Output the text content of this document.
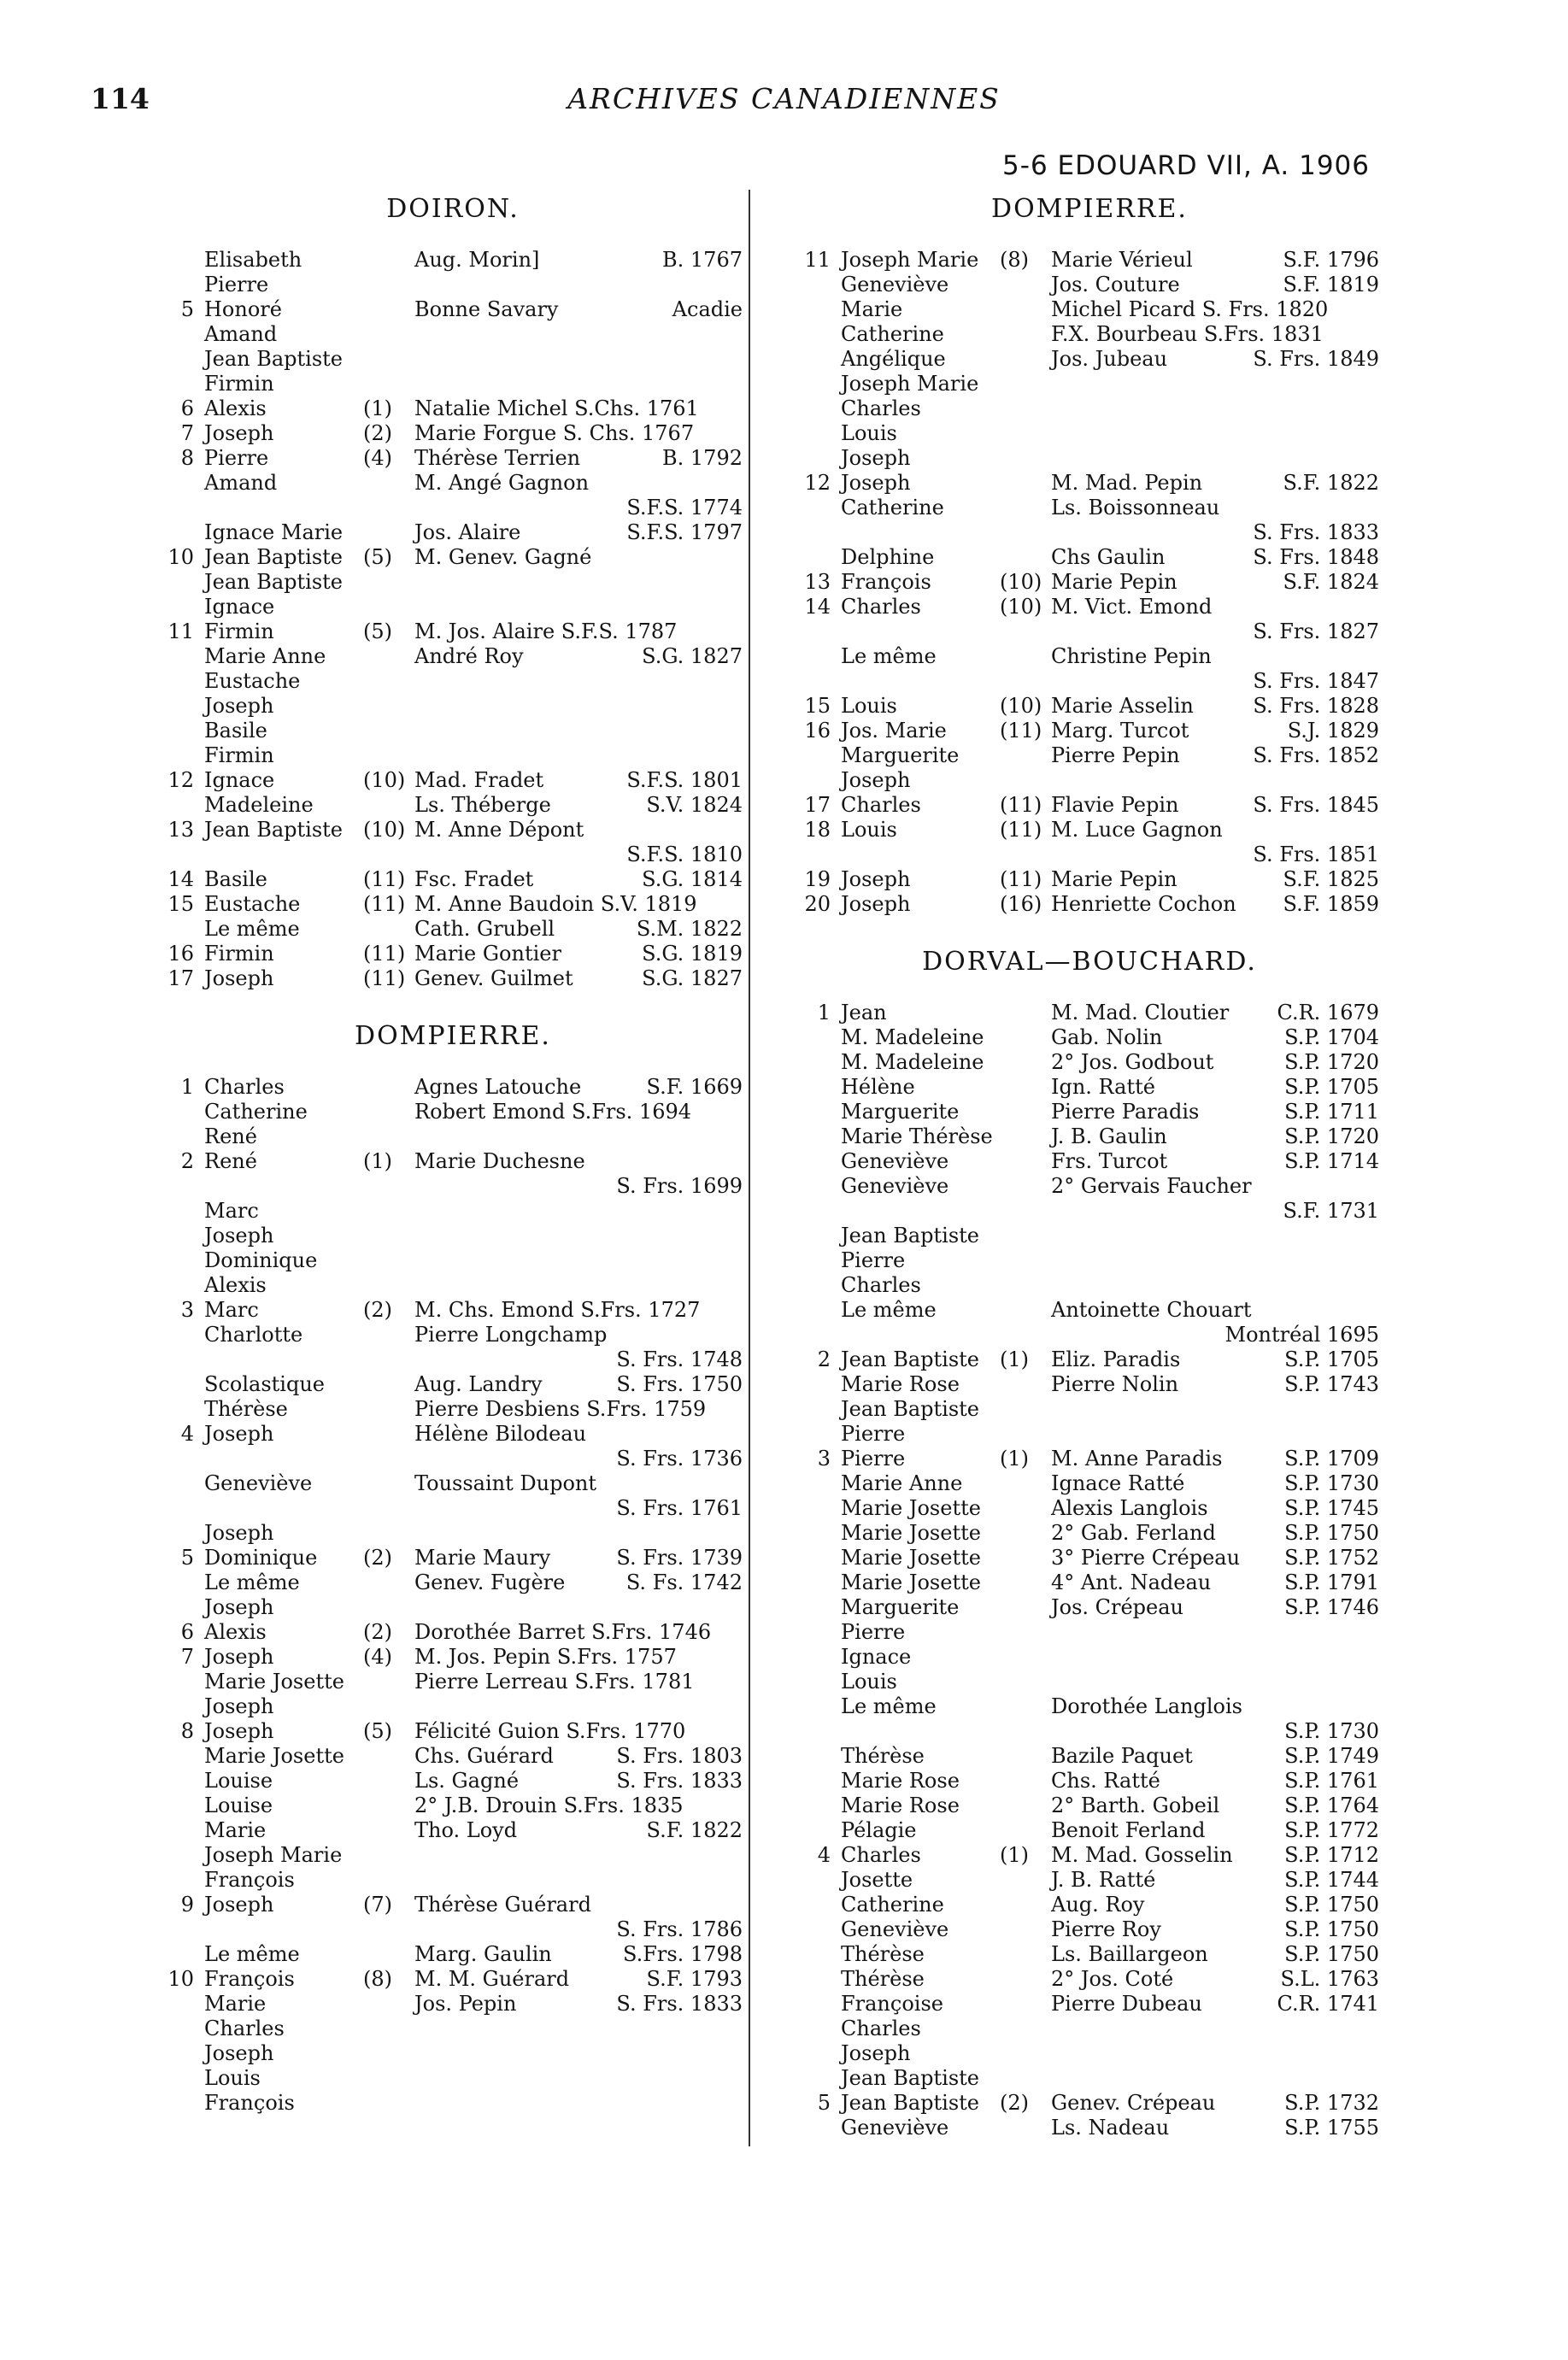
114	ARCHIVES CANADIENNES
5-6 EDOUARD VII, A. 1906
DOIRON.
Elisabeth	Aug. Morin]	B. 1767
Pierre
5 Honoré	Bonne Savary	Acadie
Amand
Jean Baptiste
Firmin
6 Alexis	(1) Natalie Michel S.Chs. 1761
7 Joseph	(2) Marie Forgue S. Chs. 1767
8 Pierre	(4) Thérèse Terrien	B. 1792
Amand	M. Angé Gagnon
S.F.S. 1774
Ignace Marie	Jos. Alaire	S.F.S. 1797
10 Jean Baptiste (5) M. Genev. Gagné
Jean Baptiste
Ignace
11 Firmin	(5) M. Jos. Alaire S.F.S. 1787
Marie Anne	André Roy	S.G. 1827
Eustache
Joseph
Basile
Firmin
12 Ignace	(10) Mad. Fradet	S.F.S. 1801
Madeleine	Ls. Théberge	S.V. 1824
13 Jean Baptiste (10) M. Anne Dépont
S.F.S. 1810
14 Basile	(11) Fsc. Fradet	S.G. 1814
15 Eustache	(11) M. Anne Baudoin S.V. 1819
Le même	Cath. Grubell	S.M. 1822
16 Firmin	(11) Marie Gontier	S.G. 1819
17 Joseph	(11) Genev. Guilmet	S.G. 1827
DOMPIERRE.
1 Charles	Agnes Latouche	S.F. 1669
Catherine	Robert Emond S.Frs. 1694
René
2 René	(1) Marie Duchesne
S. Frs. 1699
Marc
Joseph
Dominique
Alexis
3 Marc	(2) M. Chs. Emond S.Frs. 1727
Charlotte	Pierre Longchamp
S. Frs. 1748
Scolastique	Aug. Landry	S. Frs. 1750
Thérèse	Pierre Desbiens S.Frs. 1759
4 Joseph	Hélène Bilodeau
S. Frs. 1736
Geneviève	Toussaint Dupont
S. Frs. 1761
Joseph
5 Dominique (2) Marie Maury	S. Frs. 1739
Le même	Genev. Fugère	S. Fs. 1742
Joseph
6 Alexis	(2) Dorothée Barret S.Frs. 1746
7 Joseph	(4) M. Jos. Pepin S.Frs. 1757
Marie Josette	Pierre Lerreau S.Frs. 1781
Joseph
8 Joseph	(5) Félicité Guion S.Frs. 1770
Marie Josette	Chs. Guérard	S. Frs. 1803
Louise	Ls. Gagné	S. Frs. 1833
Louise	2° J.B. Drouin S.Frs. 1835
Marie	Tho. Loyd	S.F. 1822
Joseph Marie
François
9 Joseph	(7) Thérèse Guérard
S. Frs. 1786
Le même	Marg. Gaulin	S.Frs. 1798
10 François	(8) M. M. Guérard	S.F. 1793
Marie	Jos. Pepin	S. Frs. 1833
Charles
Joseph
Louis
François
DOMPIERRE.
11 Joseph Marie (8) Marie Vérieul	S.F. 1796
Geneviève	Jos. Couture	S.F. 1819
Marie	Michel Picard S. Frs. 1820
Catherine	F.X. Bourbeau S.Frs. 1831
Angélique	Jos. Jubeau	S. Frs. 1849
Joseph Marie
Charles
Louis
Joseph
12 Joseph	M. Mad. Pepin	S.F. 1822
Catherine	Ls. Boissonneau
S. Frs. 1833
Delphine	Chs Gaulin	S. Frs. 1848
13 François	(10) Marie Pepin	S.F. 1824
14 Charles	(10) M. Vict. Emond
S. Frs. 1827
Le même	Christine Pepin
S. Frs. 1847
15 Louis	(10) Marie Asselin	S. Frs. 1828
16 Jos. Marie	(11) Marg. Turcot	S.J. 1829
Marguerite	Pierre Pepin	S. Frs. 1852
Joseph
17 Charles	(11) Flavie Pepin	S. Frs. 1845
18 Louis	(11) M. Luce Gagnon
S. Frs. 1851
19 Joseph	(11) Marie Pepin	S.F. 1825
20 Joseph	(16) Henriette Cochon S.F. 1859
DORVAL—BOUCHARD.
1 Jean	M. Mad. Cloutier C.R. 1679
M. Madeleine	Gab. Nolin	S.P. 1704
M. Madeleine	2° Jos. Godbout	S.P. 1720
Hélène	Ign. Ratté	S.P. 1705
Marguerite	Pierre Paradis	S.P. 1711
Marie Thérèse	J. B. Gaulin	S.P. 1720
Geneviève	Frs. Turcot	S.P. 1714
Geneviève	2° Gervais Faucher
S.F. 1731
Jean Baptiste
Pierre
Charles
Le même	Antoinette Chouart
Montréal 1695
2 Jean Baptiste (1) Eliz. Paradis	S.P. 1705
Marie Rose	Pierre Nolin	S.P. 1743
Jean Baptiste
Pierre
3 Pierre	(1) M. Anne Paradis	S.P. 1709
Marie Anne	Ignace Ratté	S.P. 1730
Marie Josette	Alexis Langlois	S.P. 1745
Marie Josette	2° Gab. Ferland	S.P. 1750
Marie Josette	3° Pierre Crépeau S.P. 1752
Marie Josette	4° Ant. Nadeau	S.P. 1791
Marguerite	Jos. Crépeau	S.P. 1746
Pierre
Ignace
Louis
Le même	Dorothée Langlois
S.P. 1730
Thérèse	Bazile Paquet	S.P. 1749
Marie Rose	Chs. Ratté	S.P. 1761
Marie Rose	2° Barth. Gobeil	S.P. 1764
Pélagie	Benoit Ferland	S.P. 1772
4 Charles	(1) M. Mad. Gosselin	S.P. 1712
Josette	J. B. Ratté	S.P. 1744
Catherine	Aug. Roy	S.P. 1750
Geneviève	Pierre Roy	S.P. 1750
Thérèse	Ls. Baillargeon	S.P. 1750
Thérèse	2° Jos. Coté	S.L. 1763
Françoise	Pierre Dubeau	C.R. 1741
Charles
Joseph
Jean Baptiste
5 Jean Baptiste (2) Genev. Crépeau	S.P. 1732
Geneviève	Ls. Nadeau	S.P. 1755
